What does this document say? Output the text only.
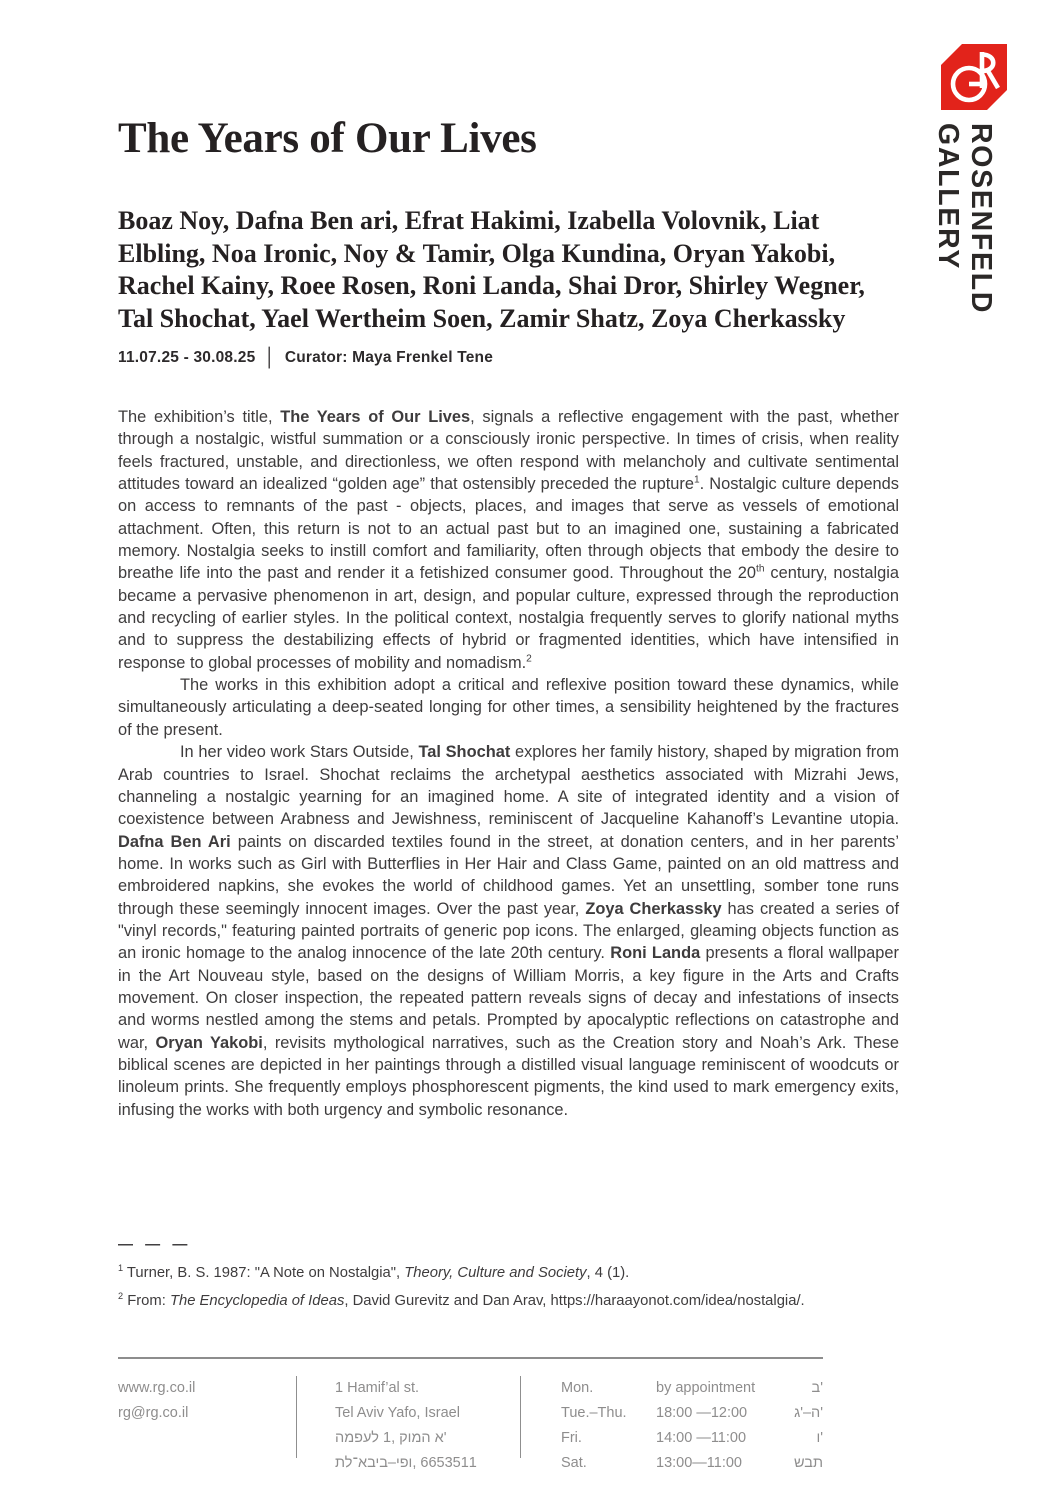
ROSENFELD
GALLERY
The Years of Our Lives

Boaz Noy, Dafna Ben ari, Efrat Hakimi, Izabella Volovnik, Liat Elbling, Noa Ironic, Noy & Tamir, Olga Kundina, Oryan Yakobi, Rachel Kainy, Roee Rosen, Roni Landa, Shai Dror, Shirley Wegner, Tal Shochat, Yael Wertheim Soen, Zamir Shatz, Zoya Cherkassky

11.07.25 - 30.08.25 │ Curator: Maya Frenkel Tene

The exhibition’s title, The Years of Our Lives, signals a reflective engagement with the past, whether through a nostalgic, wistful summation or a consciously ironic perspective. In times of crisis, when reality feels fractured, unstable, and directionless, we often respond with melancholy and cultivate sentimental attitudes toward an idealized “golden age” that ostensibly preceded the rupture$^1$. Nostalgic culture depends on access to remnants of the past - objects, places, and images that serve as vessels of emotional attachment. Often, this return is not to an actual past but to an imagined one, sustaining a fabricated memory. Nostalgia seeks to instill comfort and familiarity, often through objects that embody the desire to breathe life into the past and render it a fetishized consumer good. Throughout the 20th century, nostalgia became a pervasive phenomenon in art, design, and popular culture, expressed through the reproduction and recycling of earlier styles. In the political context, nostalgia frequently serves to glorify national myths and to suppress the destabilizing effects of hybrid or fragmented identities, which have intensified in response to global processes of mobility and nomadism.$^2$

The works in this exhibition adopt a critical and reflexive position toward these dynamics, while simultaneously articulating a deep-seated longing for other times, a sensibility heightened by the fractures of the present.

In her video work Stars Outside, Tal Shochat explores her family history, shaped by migration from Arab countries to Israel. Shochat reclaims the archetypal aesthetics associated with Mizrahi Jews, channeling a nostalgic yearning for an imagined home. A site of integrated identity and a vision of coexistence between Arabness and Jewishness, reminiscent of Jacqueline Kahanoff’s Levantine utopia. Dafna Ben Ari paints on discarded textiles found in the street, at donation centers, and in her parents’ home. In works such as Girl with Butterflies in Her Hair and Class Game, painted on an old mattress and embroidered napkins, she evokes the world of childhood games. Yet an unsettling, somber tone runs through these seemingly innocent images. Over the past year, Zoya Cherkassky has created a series of "vinyl records," featuring painted portraits of generic pop icons. The enlarged, gleaming objects function as an ironic homage to the analog innocence of the late 20th century. Roni Landa presents a floral wallpaper in the Art Nouveau style, based on the designs of William Morris, a key figure in the Arts and Crafts movement. On closer inspection, the repeated pattern reveals signs of decay and infestations of insects and worms nestled among the stems and petals. Prompted by apocalyptic reflections on catastrophe and war, Oryan Yakobi, revisits mythological narratives, such as the Creation story and Noah’s Ark. These biblical scenes are depicted in her paintings through a distilled visual language reminiscent of woodcuts or linoleum prints. She frequently employs phosphorescent pigments, the kind used to mark emergency exits, infusing the works with both urgency and symbolic resonance.

— — —

$^1$ Turner, B. S. 1987: "A Note on Nostalgia", Theory, Culture and Society, 4 (1).

$^2$ From: The Encyclopedia of Ideas, David Gurevitz and Dan Arav, https://haraayonot.com/idea/nostalgia/.

www.rg.co.il
rg@rg.co.il
1 Hamif’al st.
Tel Aviv Yafo, Israel
המפעל 1, קומה א'
תל־אביב–יפו, 6653511
Mon.	by appointment	ב'
Tue.–Thu.	18:00 —12:00	ג'–ה'
Fri.	14:00 —11:00	ו'
Sat.	13:00—11:00	שבת
